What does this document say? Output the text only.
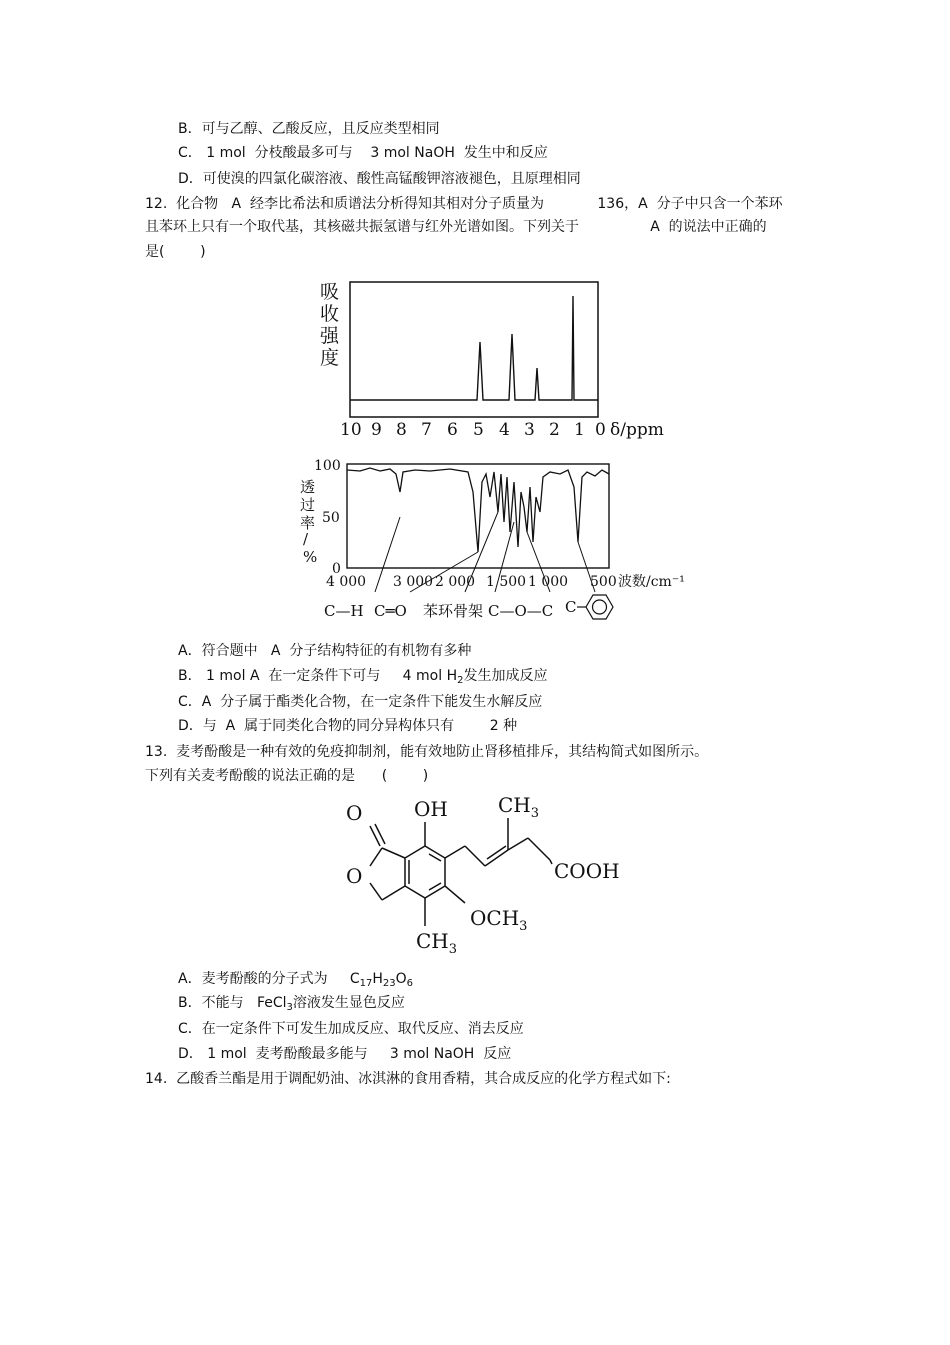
B．可与乙醇、乙酸反应，且反应类型相同
C． 1 mol  分枝酸最多可与    3 mol NaOH  发生中和反应
D．可使溴的四氯化碳溶液、酸性高锰酸钾溶液褪色，且原理相同
12.  化合物   A  经李比希法和质谱法分析得知其相对分子质量为            136，A  分子中只含一个苯环
且苯环上只有一个取代基，其核磁共振氢谱与红外光谱如图。下列关于                A  的说法中正确的
是(        )
吸
收
强
度
10 9 8 7 6 5 4 3 2 1 0 δ/ppm
透
过
率
/
%
100
50
0
4 000 3 000 2 000 1 500 1 000 500 波数/cm⁻¹
C—H C═O 苯环骨架 C—O—C C
A．符合题中   A  分子结构特征的有机物有多种
B． 1 mol A  在一定条件下可与     4 mol $H_2$发生加成反应
C．A  分子属于酯类化合物，在一定条件下能发生水解反应
D．与  A  属于同类化合物的同分异构体只有        2 种
13.  麦考酚酸是一种有效的免疫抑制剂，能有效地防止肾移植排斥，其结构简式如图所示。
下列有关麦考酚酸的说法正确的是      (        )
O
O
OH	$CH_3$
COOH
$OCH_3$
$CH_3$
A．麦考酚酸的分子式为     $C_{17}H_{23}O_6$
B．不能与   FeCl$_3$溶液发生显色反应
C．在一定条件下可发生加成反应、取代反应、消去反应
D． 1 mol  麦考酚酸最多能与     3 mol NaOH  反应
14.  乙酸香兰酯是用于调配奶油、冰淇淋的食用香精，其合成反应的化学方程式如下:
